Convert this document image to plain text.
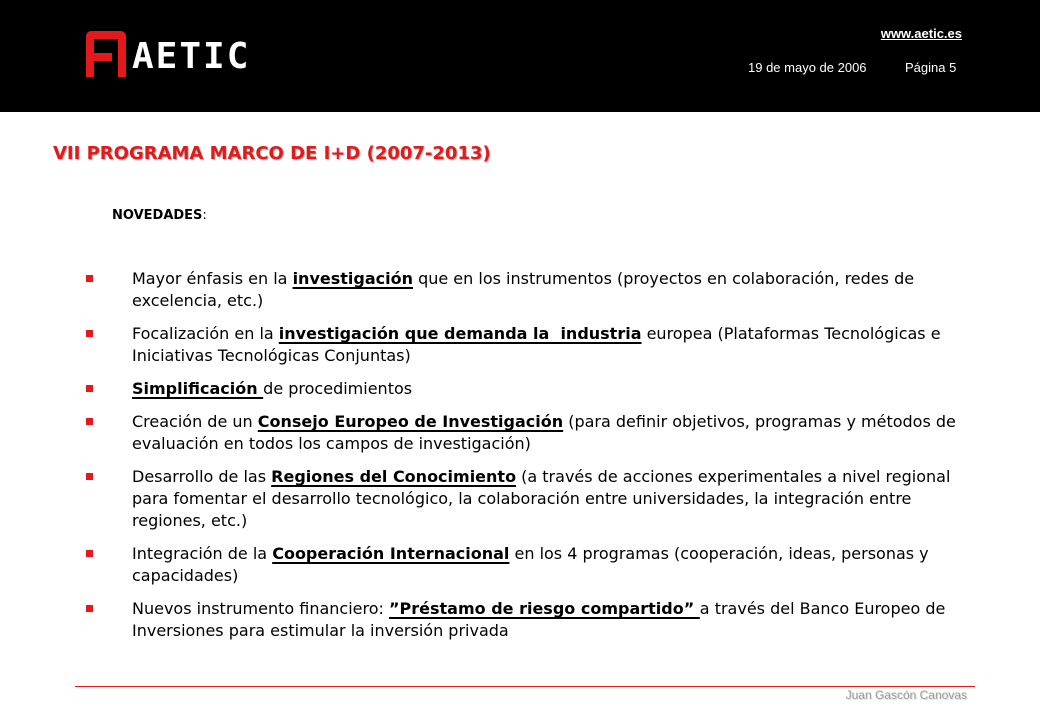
AETIC
www.aetic.es
19 de mayo de 2006	Página 5
VII PROGRAMA MARCO DE I+D (2007-2013)
NOVEDADES:
Mayor énfasis en la investigación que en los instrumentos (proyectos en colaboración, redes de excelencia, etc.)
Focalización en la investigación que demanda la  industria europea (Plataformas Tecnológicas e Iniciativas Tecnológicas Conjuntas)
Simplificación de procedimientos
Creación de un Consejo Europeo de Investigación (para definir objetivos, programas y métodos de evaluación en todos los campos de investigación)
Desarrollo de las Regiones del Conocimiento (a través de acciones experimentales a nivel regional para fomentar el desarrollo tecnológico, la colaboración entre universidades, la integración entre regiones, etc.)
Integración de la Cooperación Internacional en los 4 programas (cooperación, ideas, personas y capacidades)
Nuevos instrumento financiero: ”Préstamo de riesgo compartido” a través del Banco Europeo de Inversiones para estimular la inversión privada
Juan Gascón Canovas
